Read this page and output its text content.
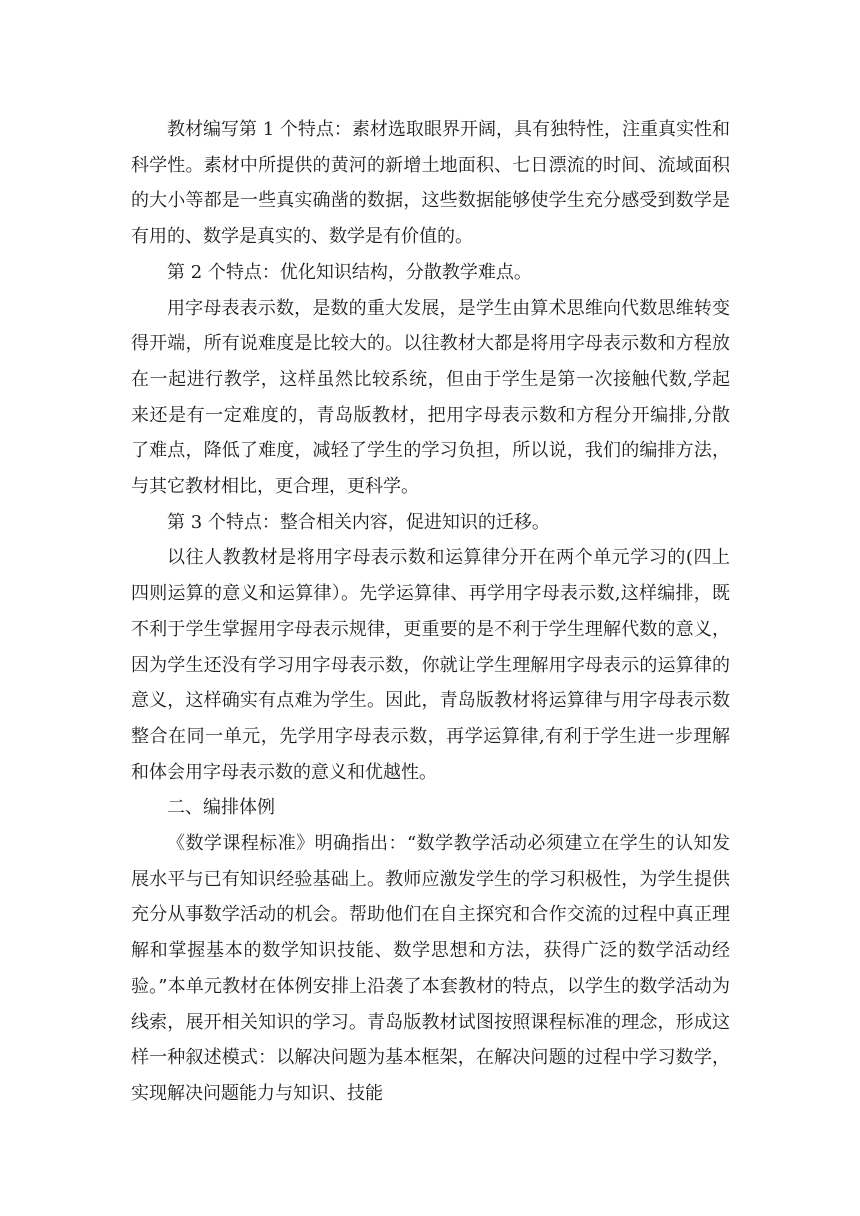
教材编写第 1 个特点：素材选取眼界开阔，具有独特性，注重真实性和科学性。素材中所提供的黄河的新增土地面积、七日漂流的时间、流域面积的大小等都是一些真实确凿的数据，这些数据能够使学生充分感受到数学是有用的、数学是真实的、数学是有价值的。

第 2 个特点：优化知识结构，分散教学难点。

用字母表表示数，是数的重大发展，是学生由算术思维向代数思维转变得开端，所有说难度是比较大的。以往教材大都是将用字母表示数和方程放在一起进行教学，这样虽然比较系统，但由于学生是第一次接触代数,学起来还是有一定难度的，青岛版教材，把用字母表示数和方程分开编排,分散了难点，降低了难度，减轻了学生的学习负担，所以说，我们的编排方法，与其它教材相比，更合理，更科学。

第 3 个特点：整合相关内容，促进知识的迁移。

以往人教教材是将用字母表示数和运算律分开在两个单元学习的(四上四则运算的意义和运算律）。先学运算律、再学用字母表示数,这样编排，既不利于学生掌握用字母表示规律，更重要的是不利于学生理解代数的意义，因为学生还没有学习用字母表示数，你就让学生理解用字母表示的运算律的意义，这样确实有点难为学生。因此，青岛版教材将运算律与用字母表示数整合在同一单元，先学用字母表示数，再学运算律,有利于学生进一步理解和体会用字母表示数的意义和优越性。

二、编排体例

《数学课程标准》明确指出：“数学教学活动必须建立在学生的认知发展水平与已有知识经验基础上。教师应激发学生的学习积极性，为学生提供充分从事数学活动的机会。帮助他们在自主探究和合作交流的过程中真正理解和掌握基本的数学知识技能、数学思想和方法，获得广泛的数学活动经验。”本单元教材在体例安排上沿袭了本套教材的特点，以学生的数学活动为线索，展开相关知识的学习。青岛版教材试图按照课程标准的理念，形成这样一种叙述模式：以解决问题为基本框架，在解决问题的过程中学习数学，实现解决问题能力与知识、技能
